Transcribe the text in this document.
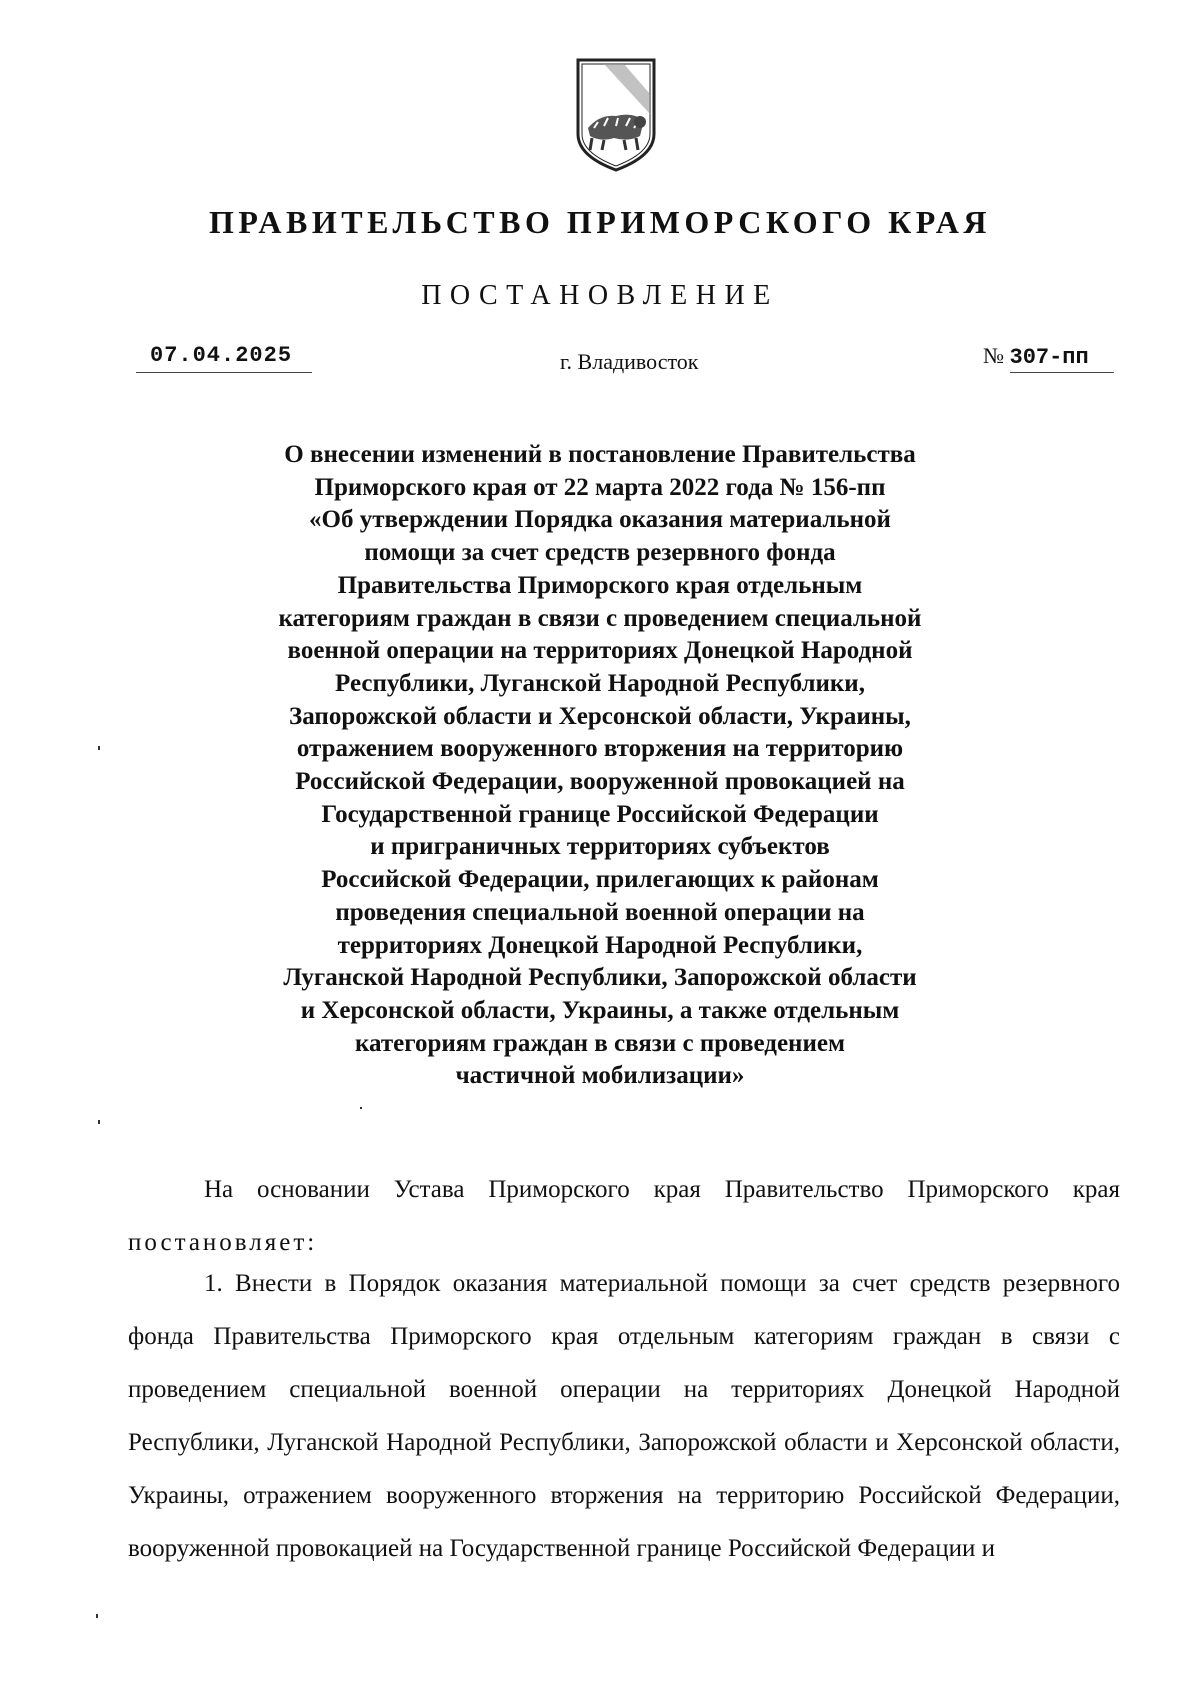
ПРАВИТЕЛЬСТВО ПРИМОРСКОГО КРАЯ
ПОСТАНОВЛЕНИЕ
07.04.2025	г. Владивосток	№ 307-пп
О внесении изменений в постановление Правительства
Приморского края от 22 марта 2022 года № 156-пп
«Об утверждении Порядка оказания материальной
помощи за счет средств резервного фонда
Правительства Приморского края отдельным
категориям граждан в связи с проведением специальной
военной операции на территориях Донецкой Народной
Республики, Луганской Народной Республики,
Запорожской области и Херсонской области, Украины,
отражением вооруженного вторжения на территорию
Российской Федерации, вооруженной провокацией на
Государственной границе Российской Федерации
и приграничных территориях субъектов
Российской Федерации, прилегающих к районам
проведения специальной военной операции на
территориях Донецкой Народной Республики,
Луганской Народной Республики, Запорожской области
и Херсонской области, Украины, а также отдельным
категориям граждан в связи с проведением
частичной мобилизации»
На основании Устава Приморского края Правительство Приморского края постановляет:
1. Внести в Порядок оказания материальной помощи за счет средств резервного фонда Правительства Приморского края отдельным категориям граждан в связи с проведением специальной военной операции на территориях Донецкой Народной Республики, Луганской Народной Республики, Запорожской области и Херсонской области, Украины, отражением вооруженного вторжения на территорию Российской Федерации, вооруженной провокацией на Государственной границе Российской Федерации и
